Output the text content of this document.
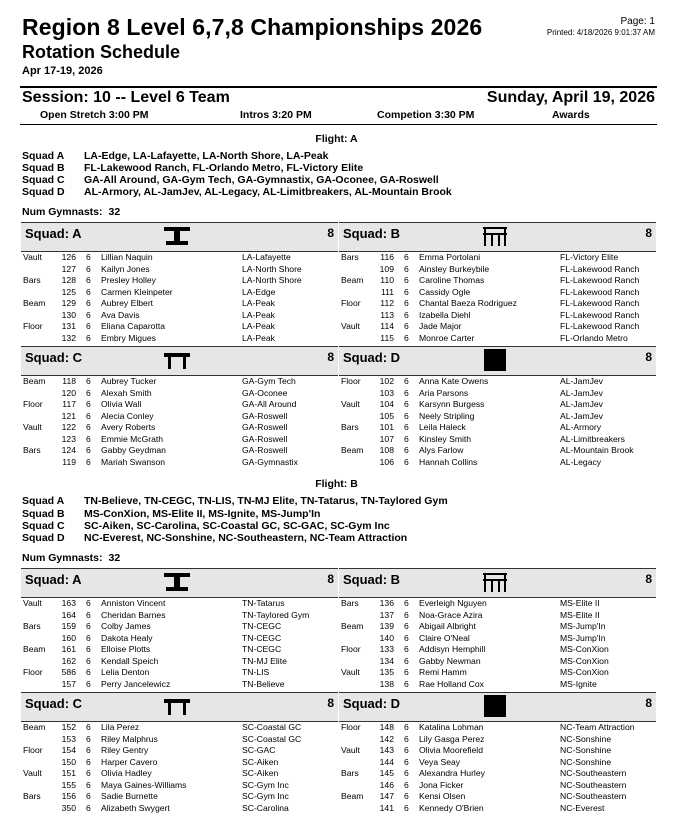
Region 8 Level 6,7,8 Championships 2026
Rotation Schedule
Apr 17-19, 2026
Page: 1
Printed: 4/18/2026 9:01:37 AM
Session: 10 -- Level 6 Team	Sunday, April 19, 2026
Open Stretch 3:00 PM	Intros 3:20 PM	Competion 3:30 PM	Awards
Flight: A
Squad A LA-Edge, LA-Lafayette, LA-North Shore, LA-Peak
Squad B FL-Lakewood Ranch, FL-Orlando Metro, FL-Victory Elite
Squad C GA-All Around, GA-Gym Tech, GA-Gymnastix, GA-Oconee, GA-Roswell
Squad D AL-Armory, AL-JamJev, AL-Legacy, AL-Limitbreakers, AL-Mountain Brook
Num Gymnasts: 32
Squad: A	8
Vault	126 6 Lillian Naquin	LA-Lafayette
127 6 Kailyn Jones	LA-North Shore
Bars	128 6 Presley Holley	LA-North Shore
125 6 Carmen Kleinpeter	LA-Edge
Beam	129 6 Aubrey Elbert	LA-Peak
130 6 Ava Davis	LA-Peak
Floor	131 6 Eliana Caparotta	LA-Peak
132 6 Embry Migues	LA-Peak
Squad: B	8
Bars	116 6 Emma Portolani	FL-Victory Elite
109 6 Ainsley Burkeybile	FL-Lakewood Ranch
Beam	110 6 Caroline Thomas	FL-Lakewood Ranch
111 6 Cassidy Ogle	FL-Lakewood Ranch
Floor	112 6 Chantal Baeza Rodriguez	FL-Lakewood Ranch
113 6 Izabella Diehl	FL-Lakewood Ranch
Vault	114 6 Jade Major	FL-Lakewood Ranch
115 6 Monroe Carter	FL-Orlando Metro
Squad: C	8
Beam	118 6 Aubrey Tucker	GA-Gym Tech
120 6 Alexah Smith	GA-Oconee
Floor	117 6 Olivia Wall	GA-All Around
121 6 Alecia Conley	GA-Roswell
Vault	122 6 Avery Roberts	GA-Roswell
123 6 Emmie McGrath	GA-Roswell
Bars	124 6 Gabby Geydman	GA-Roswell
119 6 Mariah Swanson	GA-Gymnastix
Squad: D	8
Floor	102 6 Anna Kate Owens	AL-JamJev
103 6 Aria Parsons	AL-JamJev
Vault	104 6 Karsynn Burgess	AL-JamJev
105 6 Neely Stripling	AL-JamJev
Bars	101 6 Leila Haleck	AL-Armory
107 6 Kinsley Smith	AL-Limitbreakers
Beam	108 6 Alys Farlow	AL-Mountain Brook
106 6 Hannah Collins	AL-Legacy
Flight: B
Squad A TN-Believe, TN-CEGC, TN-LIS, TN-MJ Elite, TN-Tatarus, TN-Taylored Gym
Squad B MS-ConXion, MS-Elite II, MS-Ignite, MS-Jump'In
Squad C SC-Aiken, SC-Carolina, SC-Coastal GC, SC-GAC, SC-Gym Inc
Squad D NC-Everest, NC-Sonshine, NC-Southeastern, NC-Team Attraction
Num Gymnasts: 32
Squad: A	8
Vault	163 6 Anniston Vincent	TN-Tatarus
164 6 Cheridan Barnes	TN-Taylored Gym
Bars	159 6 Colby James	TN-CEGC
160 6 Dakota Healy	TN-CEGC
Beam	161 6 Elloise Plotts	TN-CEGC
162 6 Kendall Speich	TN-MJ Elite
Floor	586 6 Lelia Denton	TN-LIS
157 6 Perry Jancelewicz	TN-Believe
Squad: B	8
Bars	136 6 Everleigh Nguyen	MS-Elite II
137 6 Noa-Grace Azira	MS-Elite II
Beam	139 6 Abigail Albright	MS-Jump'In
140 6 Claire O'Neal	MS-Jump'In
Floor	133 6 Addisyn Hemphill	MS-ConXion
134 6 Gabby Newman	MS-ConXion
Vault	135 6 Remi Hamm	MS-ConXion
138 6 Rae Holland Cox	MS-Ignite
Squad: C	8
Beam	152 6 Lila Perez	SC-Coastal GC
153 6 Riley Malphrus	SC-Coastal GC
Floor	154 6 Riley Gentry	SC-GAC
150 6 Harper Cavero	SC-Aiken
Vault	151 6 Olivia Hadley	SC-Aiken
155 6 Maya Gaines-Williams	SC-Gym Inc
Bars	156 6 Sadie Burnette	SC-Gym Inc
350 6 Alizabeth Swygert	SC-Carolina
Squad: D	8
Floor	148 6 Katalina Lohman	NC-Team Attraction
142 6 Lily Gasga Perez	NC-Sonshine
Vault	143 6 Olivia Moorefield	NC-Sonshine
144 6 Veya Seay	NC-Sonshine
Bars	145 6 Alexandra Hurley	NC-Southeastern
146 6 Jona Ficker	NC-Southeastern
Beam	147 6 Kensi Olsen	NC-Southeastern
141 6 Kennedy O'Brien	NC-Everest
